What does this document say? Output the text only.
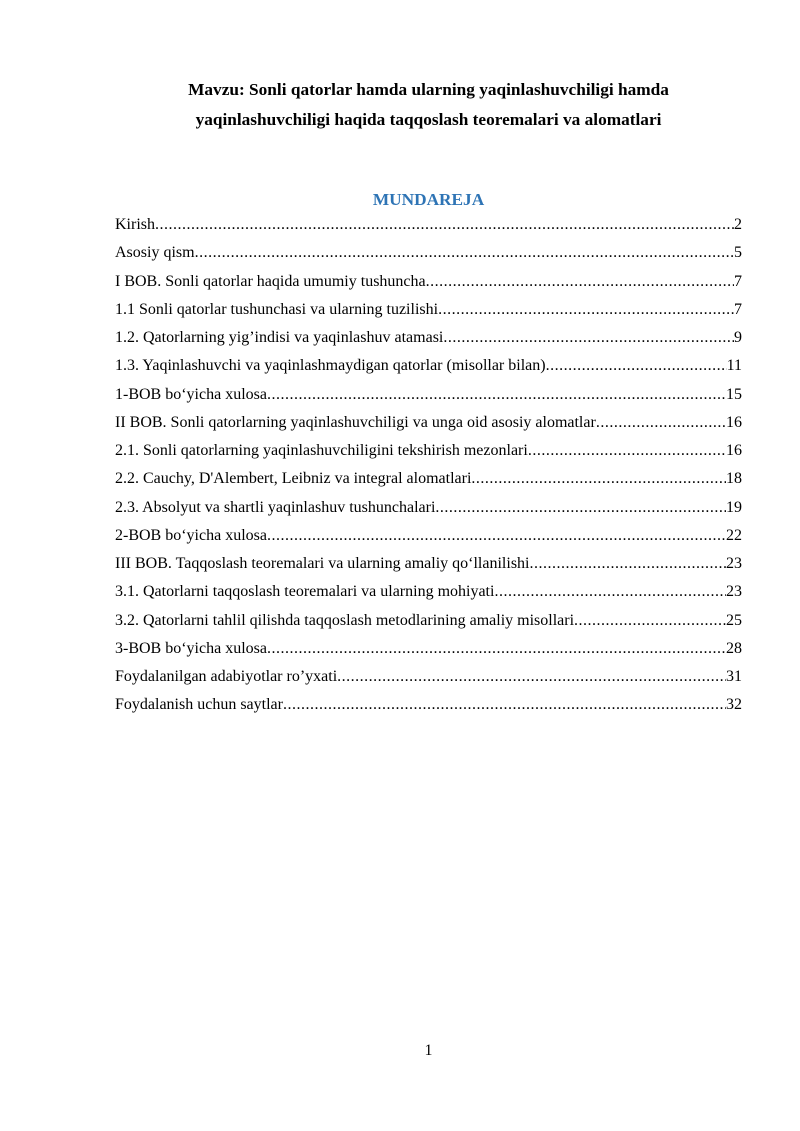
Mavzu: Sonli qatorlar hamda ularning yaqinlashuvchiligi hamda
yaqinlashuvchiligi haqida taqqoslash teoremalari va alomatlari
MUNDAREJA
Kirish .....	2
Asosiy qism .....	5
I BOB. Sonli qatorlar haqida umumiy tushuncha .....	7
1.1 Sonli qatorlar tushunchasi va ularning tuzilishi .....	7
1.2. Qatorlarning yig’indisi va yaqinlashuv atamasi .....	9
1.3. Yaqinlashuvchi va yaqinlashmaydigan qatorlar (misollar bilan) .....	11
1-BOB bo‘yicha xulosa .....	15
II BOB. Sonli qatorlarning yaqinlashuvchiligi va unga oid asosiy alomatlar .....	16
2.1. Sonli qatorlarning yaqinlashuvchiligini tekshirish mezonlari .....	16
2.2. Cauchy, D'Alembert, Leibniz va integral alomatlari .....	18
2.3. Absolyut va shartli yaqinlashuv tushunchalari .....	19
2-BOB bo‘yicha xulosa .....	22
III BOB. Taqqoslash teoremalari va ularning amaliy qo‘llanilishi .....	23
3.1. Qatorlarni taqqoslash teoremalari va ularning mohiyati .....	23
3.2. Qatorlarni tahlil qilishda taqqoslash metodlarining amaliy misollari .....	25
3-BOB bo‘yicha xulosa .....	28
Foydalanilgan adabiyotlar ro’yxati .....	31
Foydalanish uchun saytlar .....	32
1
